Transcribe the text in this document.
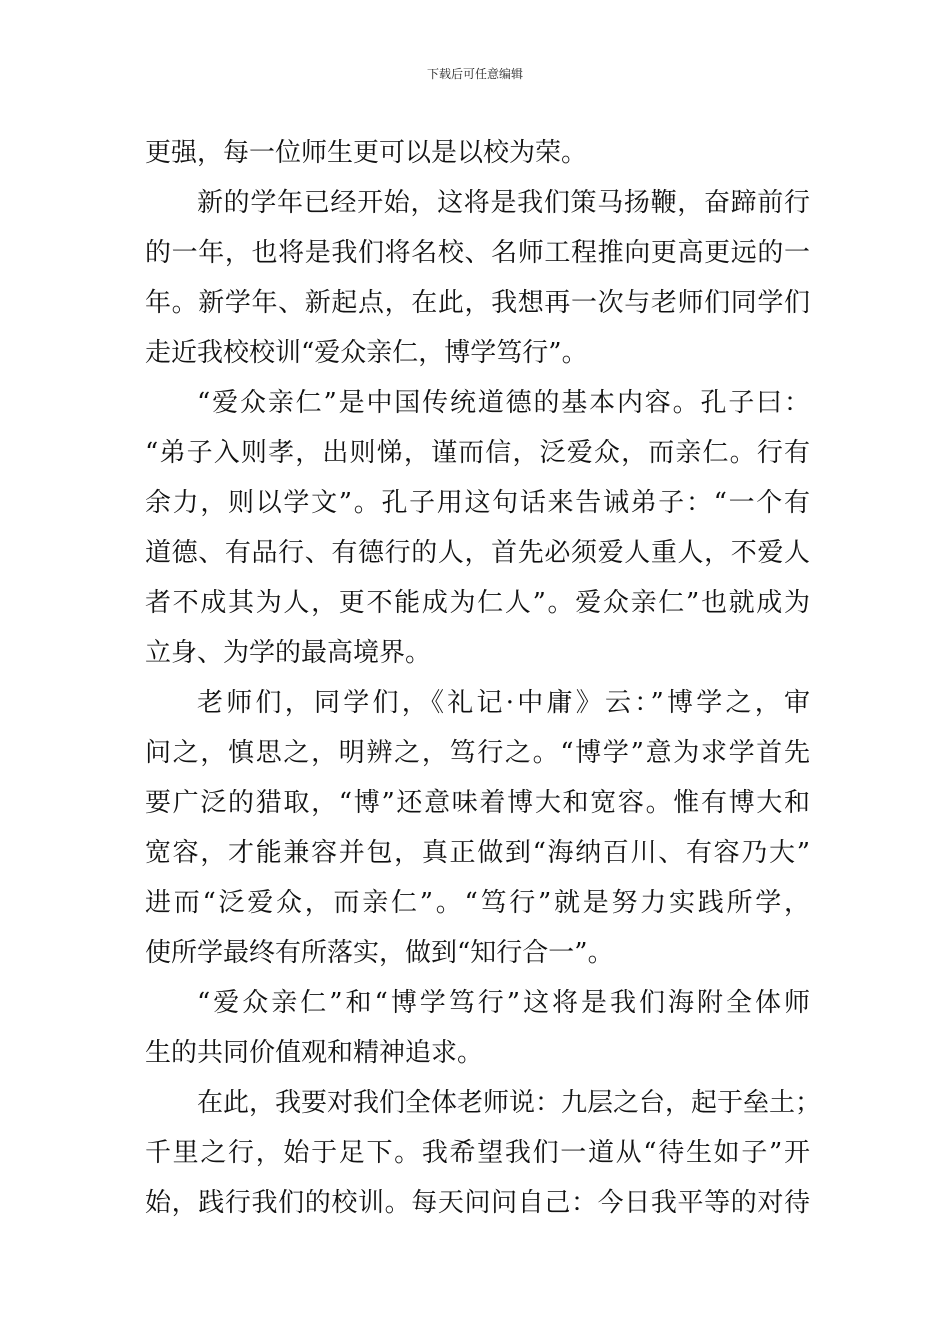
下载后可任意编辑
更强，每一位师生更可以是以校为荣。
新的学年已经开始，这将是我们策马扬鞭，奋蹄前行
的一年，也将是我们将名校、名师工程推向更高更远的一
年。新学年、新起点，在此，我想再一次与老师们同学们
走近我校校训“爱众亲仁，博学笃行”。
“爱众亲仁”是中国传统道德的基本内容。孔子曰：
“弟子入则孝，出则悌，谨而信，泛爱众，而亲仁。行有
余力，则以学文”。孔子用这句话来告诫弟子：“一个有
道德、有品行、有德行的人，首先必须爱人重人，不爱人
者不成其为人，更不能成为仁人”。爱众亲仁”也就成为
立身、为学的最高境界。
老师们，同学们，《礼记·中庸》云：”博学之，审
问之，慎思之，明辨之，笃行之。“博学”意为求学首先
要广泛的猎取，“博”还意味着博大和宽容。惟有博大和
宽容，才能兼容并包，真正做到“海纳百川、有容乃大”
进而“泛爱众，而亲仁”。“笃行”就是努力实践所学，
使所学最终有所落实，做到“知行合一”。
“爱众亲仁”和“博学笃行”这将是我们海附全体师
生的共同价值观和精神追求。
在此，我要对我们全体老师说：九层之台，起于垒土；
千里之行，始于足下。我希望我们一道从“待生如子”开
始，践行我们的校训。每天问问自己：今日我平等的对待
